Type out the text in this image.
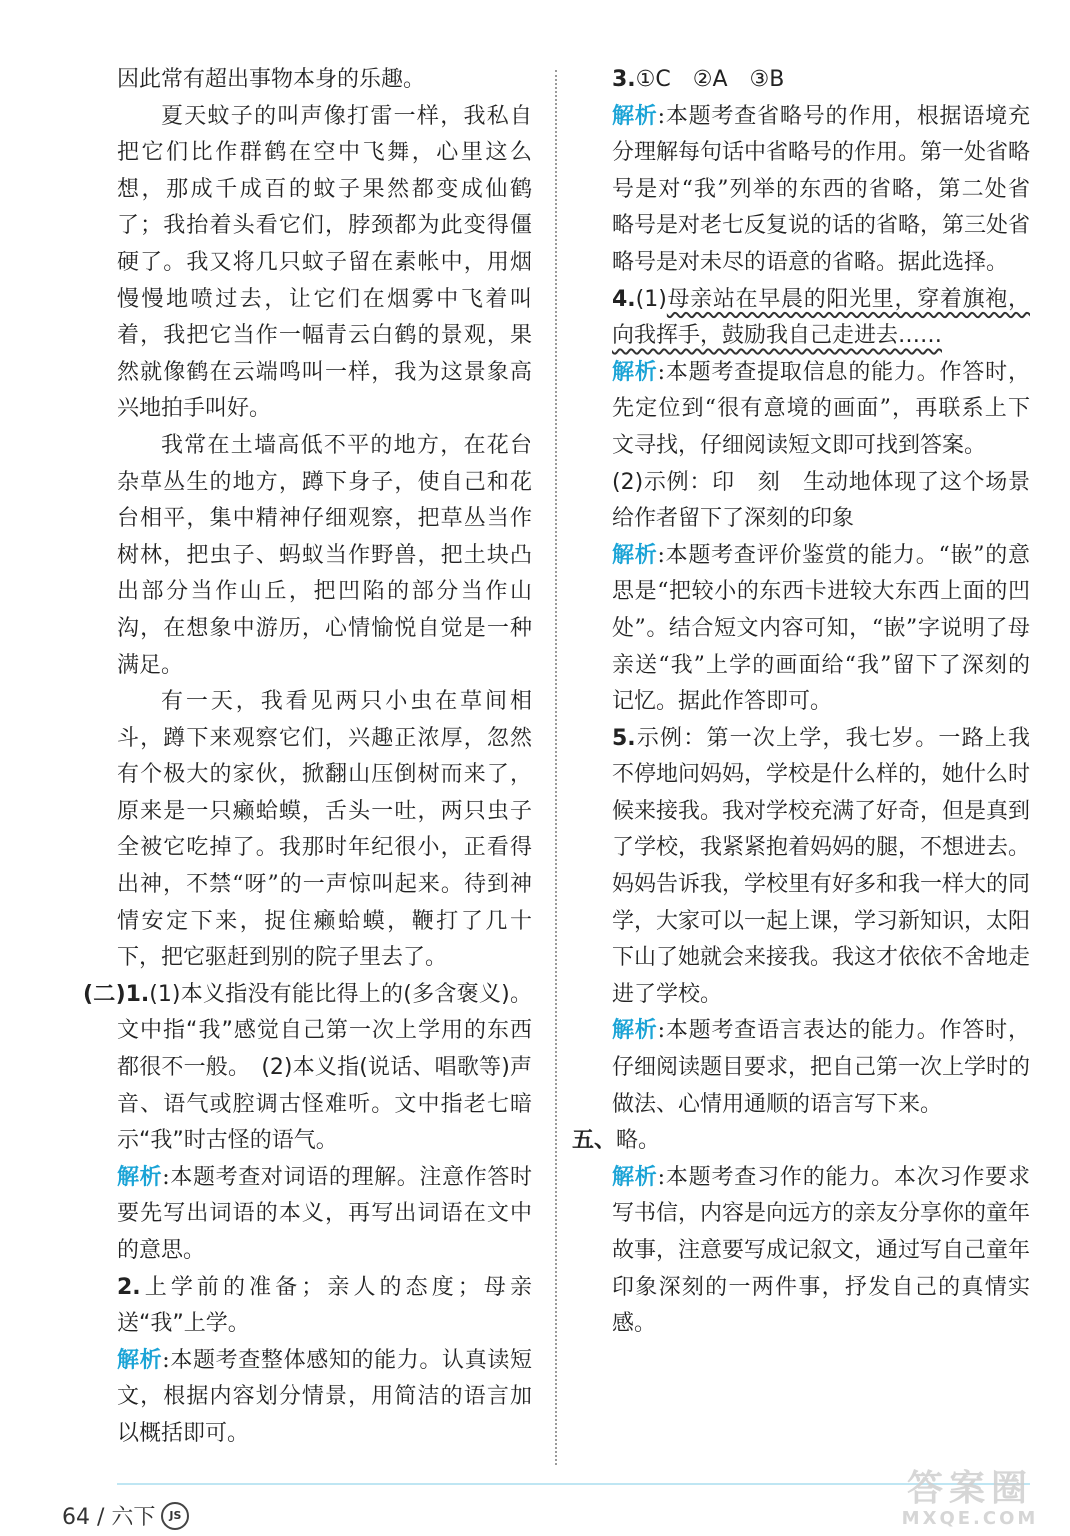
因此常有超出事物本身的乐趣。

夏天蚊子的叫声像打雷一样，我私自把它们比作群鹤在空中飞舞，心里这么想，那成千成百的蚊子果然都变成仙鹤了；我抬着头看它们，脖颈都为此变得僵硬了。我又将几只蚊子留在素帐中，用烟慢慢地喷过去，让它们在烟雾中飞着叫着，我把它当作一幅青云白鹤的景观，果然就像鹤在云端鸣叫一样，我为这景象高兴地拍手叫好。

我常在土墙高低不平的地方，在花台杂草丛生的地方，蹲下身子，使自己和花台相平，集中精神仔细观察，把草丛当作树林，把虫子、蚂蚁当作野兽，把土块凸出部分当作山丘，把凹陷的部分当作山沟，在想象中游历，心情愉悦自觉是一种满足。

有一天，我看见两只小虫在草间相斗，蹲下来观察它们，兴趣正浓厚，忽然有个极大的家伙，掀翻山压倒树而来了，原来是一只癞蛤蟆，舌头一吐，两只虫子全被它吃掉了。我那时年纪很小，正看得出神，不禁“呀”的一声惊叫起来。待到神情安定下来，捉住癞蛤蟆，鞭打了几十下，把它驱赶到别的院子里去了。

(二)1.(1)本义指没有能比得上的(多含褒义)。文中指“我”感觉自己第一次上学用的东西都很不一般。　(2)本义指(说话、唱歌等)声音、语气或腔调古怪难听。文中指老七暗示“我”时古怪的语气。

解析:本题考查对词语的理解。注意作答时要先写出词语的本义，再写出词语在文中的意思。

2.上学前的准备；亲人的态度；母亲送“我”上学。

解析:本题考查整体感知的能力。认真读短文，根据内容划分情景，用简洁的语言加以概括即可。

3.①C　②A　③B

解析:本题考查省略号的作用，根据语境充分理解每句话中省略号的作用。第一处省略号是对“我”列举的东西的省略，第二处省略号是对老七反复说的话的省略，第三处省略号是对未尽的语意的省略。据此选择。

4.(1)母亲站在早晨的阳光里，穿着旗袍，向我挥手，鼓励我自己走进去……

解析:本题考查提取信息的能力。作答时，先定位到“很有意境的画面”，再联系上下文寻找，仔细阅读短文即可找到答案。

(2)示例：印　刻　生动地体现了这个场景给作者留下了深刻的印象

解析:本题考查评价鉴赏的能力。“嵌”的意思是“把较小的东西卡进较大东西上面的凹处”。结合短文内容可知，“嵌”字说明了母亲送“我”上学的画面给“我”留下了深刻的记忆。据此作答即可。

5.示例：第一次上学，我七岁。一路上我不停地问妈妈，学校是什么样的，她什么时候来接我。我对学校充满了好奇，但是真到了学校，我紧紧抱着妈妈的腿，不想进去。妈妈告诉我，学校里有好多和我一样大的同学，大家可以一起上课，学习新知识，太阳下山了她就会来接我。我这才依依不舍地走进了学校。

解析:本题考查语言表达的能力。作答时，仔细阅读题目要求，把自己第一次上学时的做法、心情用通顺的语言写下来。

五、略。

解析:本题考查习作的能力。本次习作要求写书信，内容是向远方的亲友分享你的童年故事，注意要写成记叙文，通过写自己童年印象深刻的一两件事，抒发自己的真情实感。

64 / 六下	JS
答案圈
MXQE.COM
